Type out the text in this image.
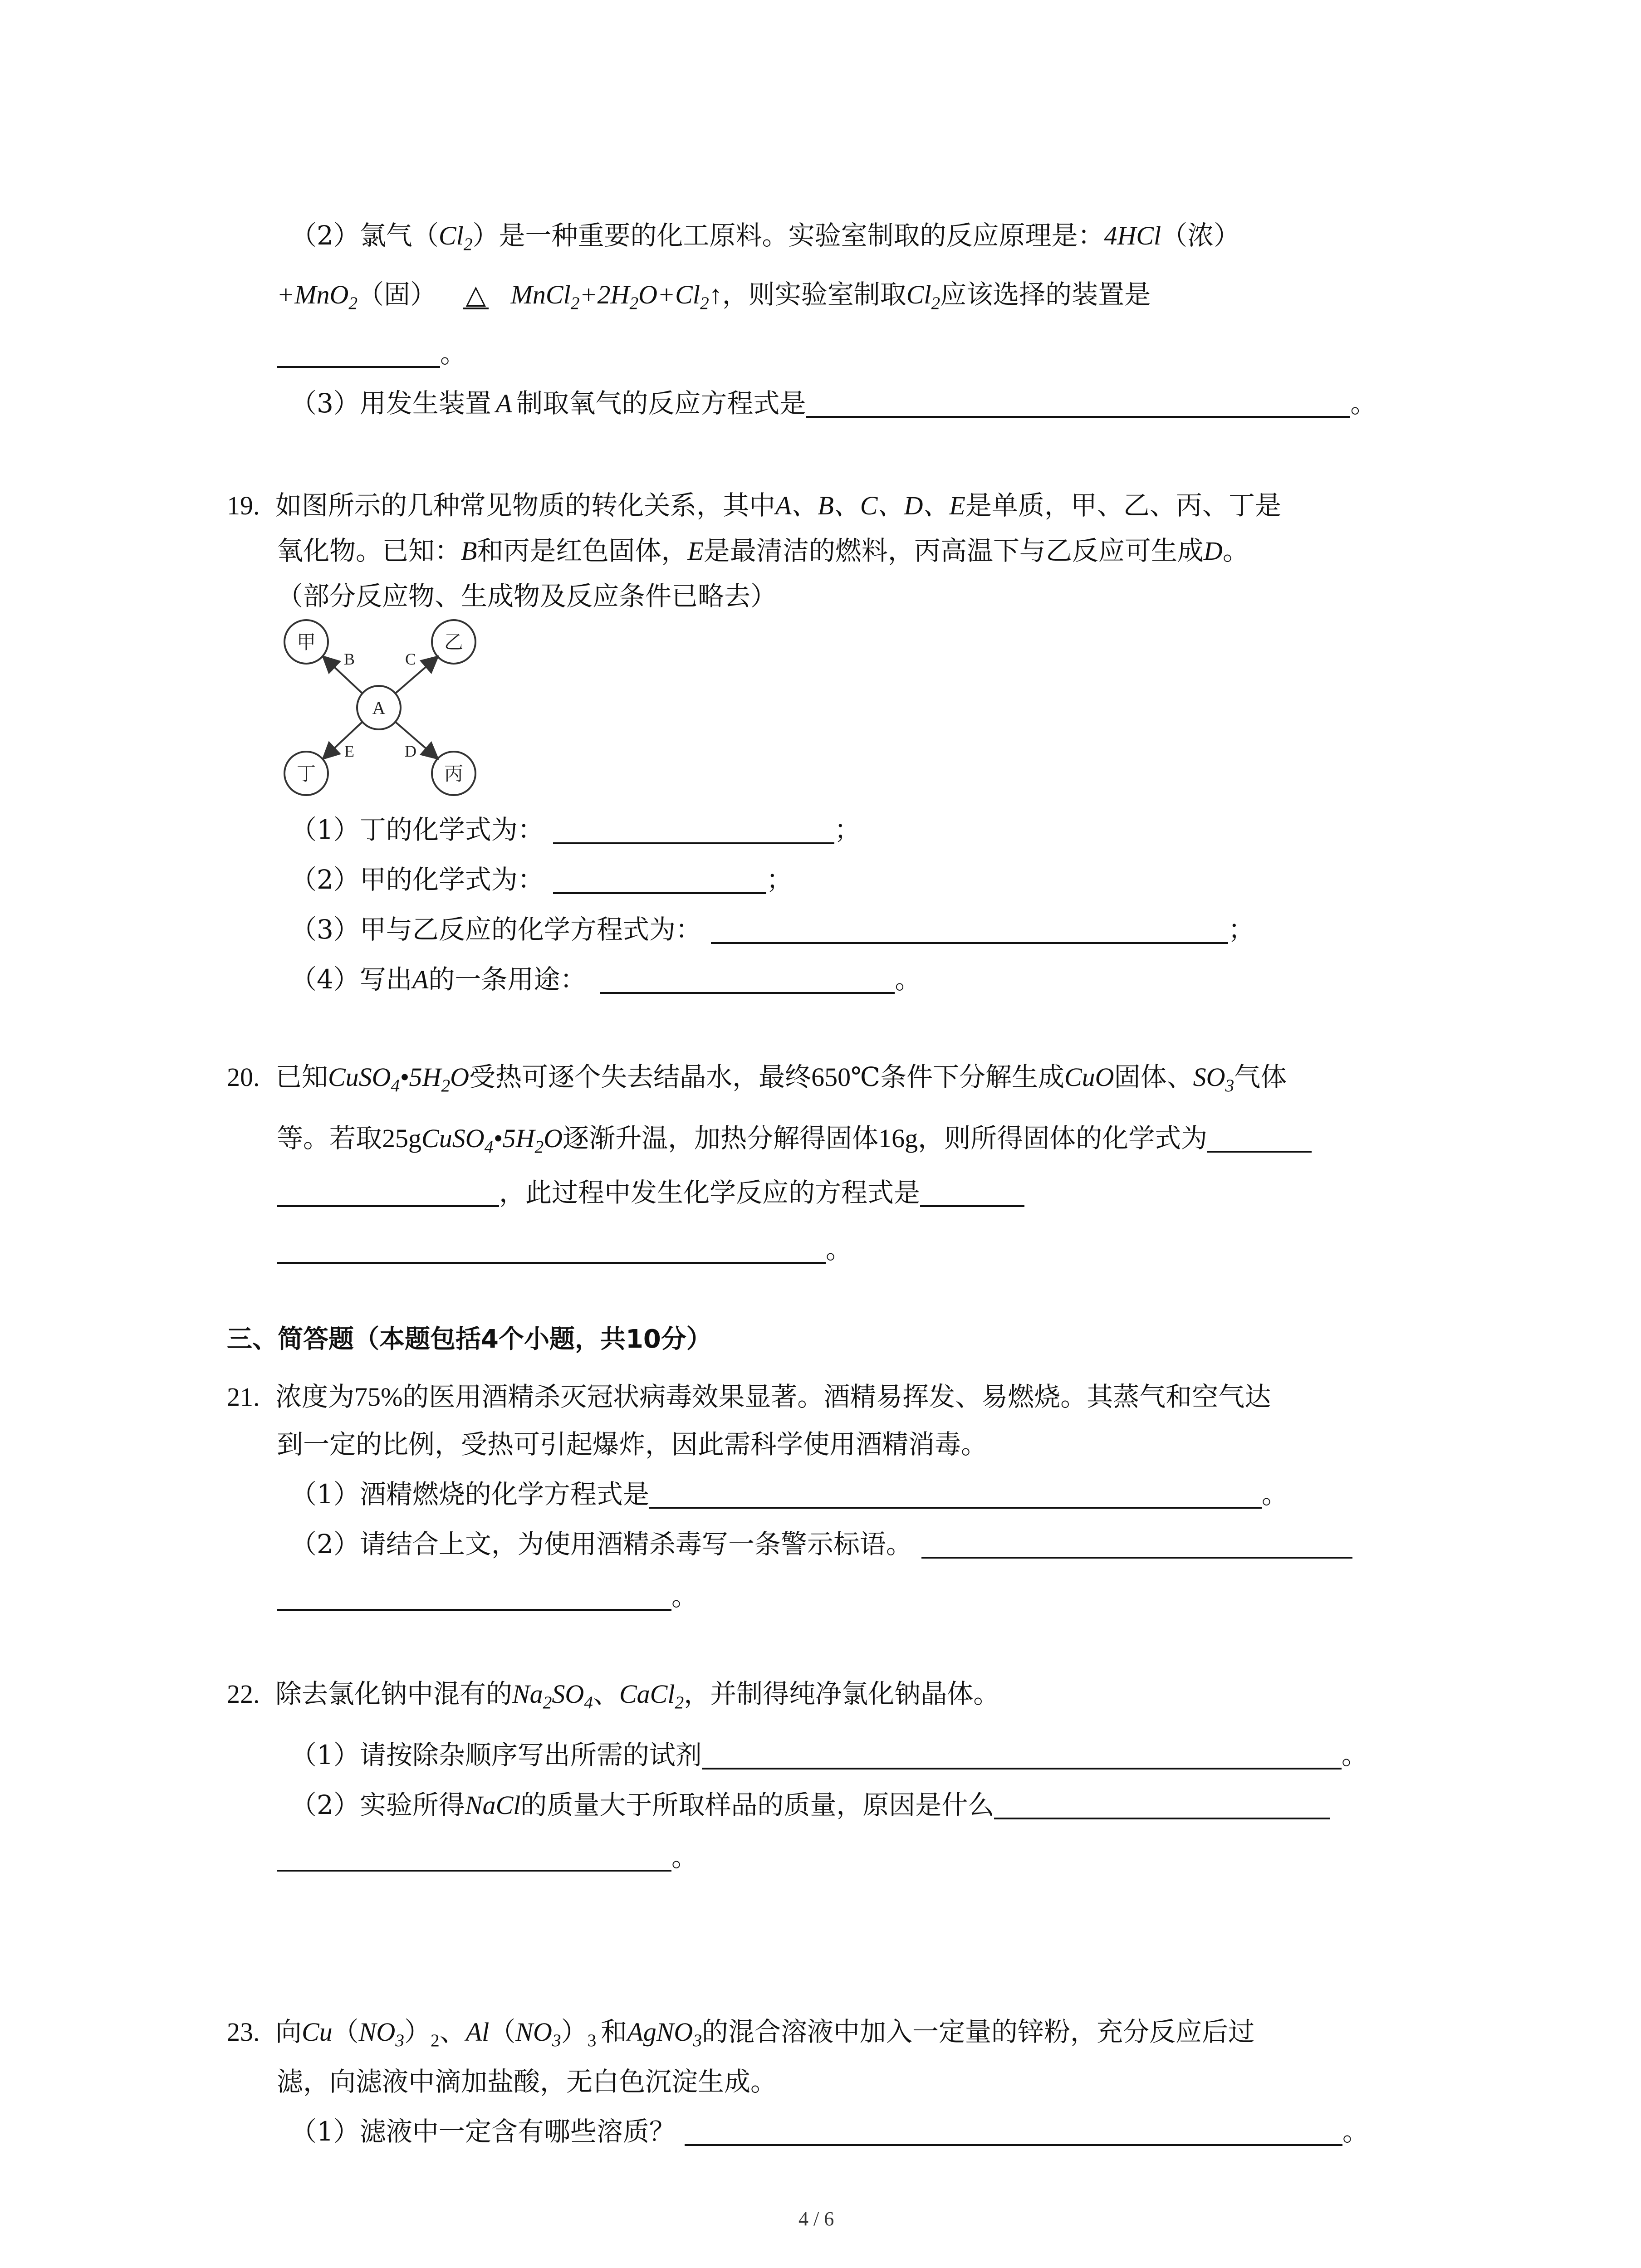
（2）氯气$(Cl_2)$是一种重要的化工原料。实验室制取的反应原理是：4HCl（浓）
+MnO$_2$（固） △ $MnCl_2+2H_2O+Cl_2↑$，则实验室制取$Cl_2$应该选择的装置是
。
（3）用发生装置 A 制取氧气的反应方程式是	。
19. 如图所示的几种常见物质的转化关系，其中A、B、C、D、E是单质，甲、乙、丙、丁是
氧化物。已知：B和丙是红色固体，E是最清洁的燃料，丙高温下与乙反应可生成D。
（部分反应物、生成物及反应条件已略去）
A
甲	乙
丁	丙
B	C
E	D
（1）丁的化学式为：	；
（2）甲的化学式为：	；
（3）甲与乙反应的化学方程式为：	；
（4）写出A的一条用途：	。
20. 已知$CuSO_4•5H_2O$受热可逐个失去结晶水，最终650℃条件下分解生成CuO固体、$SO_3$气体
等。若取$25gCuSO_4•5H_2O$逐渐升温，加热分解得固体16g，则所得固体的化学式为
，此过程中发生化学反应的方程式是
。
三、简答题（本题包括4个小题，共10分）
21. 浓度为75%的医用酒精杀灭冠状病毒效果显著。酒精易挥发、易燃烧。其蒸气和空气达
到一定的比例，受热可引起爆炸，因此需科学使用酒精消毒。
（1）酒精燃烧的化学方程式是	。
（2）请结合上文，为使用酒精杀毒写一条警示标语。
。
22. 除去氯化钠中混有的$Na_2SO_4$、CaCl$_2$，并制得纯净氯化钠晶体。
（1）请按除杂顺序写出所需的试剂	。
（2）实验所得NaCl的质量大于所取样品的质量，原因是什么
。
23. 向$Cu(NO_3)_2$、$Al(NO_3)_3$ 和AgNO$_3$的混合溶液中加入一定量的锌粉，充分反应后过
滤，向滤液中滴加盐酸，无白色沉淀生成。
（1）滤液中一定含有哪些溶质？	。
4 / 6
